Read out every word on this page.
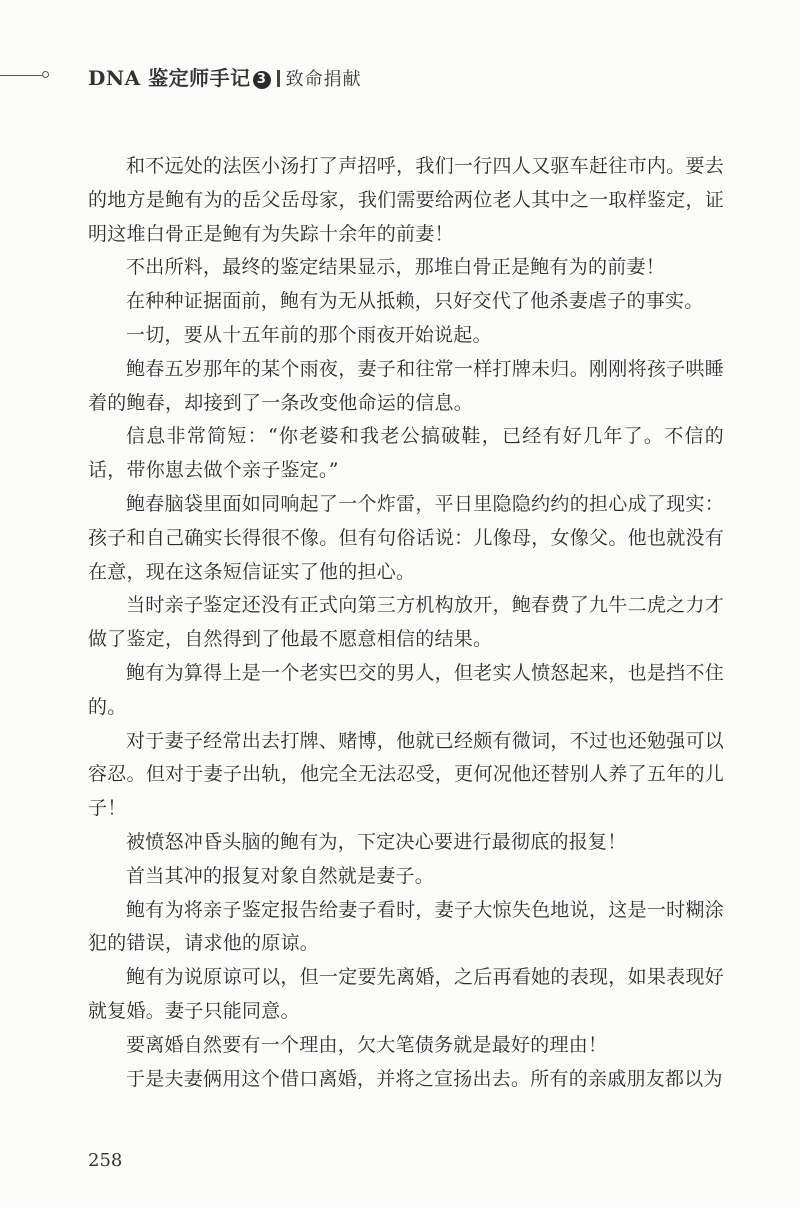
DNA 鉴定师手记 3 致命捐献

和不远处的法医小汤打了声招呼，我们一行四人又驱车赶往市内。要去的地方是鲍有为的岳父岳母家，我们需要给两位老人其中之一取样鉴定，证明这堆白骨正是鲍有为失踪十余年的前妻！

不出所料，最终的鉴定结果显示，那堆白骨正是鲍有为的前妻！

在种种证据面前，鲍有为无从抵赖，只好交代了他杀妻虐子的事实。

一切，要从十五年前的那个雨夜开始说起。

鲍春五岁那年的某个雨夜，妻子和往常一样打牌未归。刚刚将孩子哄睡着的鲍春，却接到了一条改变他命运的信息。

信息非常简短：“你老婆和我老公搞破鞋，已经有好几年了。不信的话，带你崽去做个亲子鉴定。”

鲍春脑袋里面如同响起了一个炸雷，平日里隐隐约约的担心成了现实：孩子和自己确实长得很不像。但有句俗话说：儿像母，女像父。他也就没有在意，现在这条短信证实了他的担心。

当时亲子鉴定还没有正式向第三方机构放开，鲍春费了九牛二虎之力才做了鉴定，自然得到了他最不愿意相信的结果。

鲍有为算得上是一个老实巴交的男人，但老实人愤怒起来，也是挡不住的。

对于妻子经常出去打牌、赌博，他就已经颇有微词，不过也还勉强可以容忍。但对于妻子出轨，他完全无法忍受，更何况他还替别人养了五年的儿子！

被愤怒冲昏头脑的鲍有为，下定决心要进行最彻底的报复！

首当其冲的报复对象自然就是妻子。

鲍有为将亲子鉴定报告给妻子看时，妻子大惊失色地说，这是一时糊涂犯的错误，请求他的原谅。

鲍有为说原谅可以，但一定要先离婚，之后再看她的表现，如果表现好就复婚。妻子只能同意。

要离婚自然要有一个理由，欠大笔债务就是最好的理由！

于是夫妻俩用这个借口离婚，并将之宣扬出去。所有的亲戚朋友都以为

258
